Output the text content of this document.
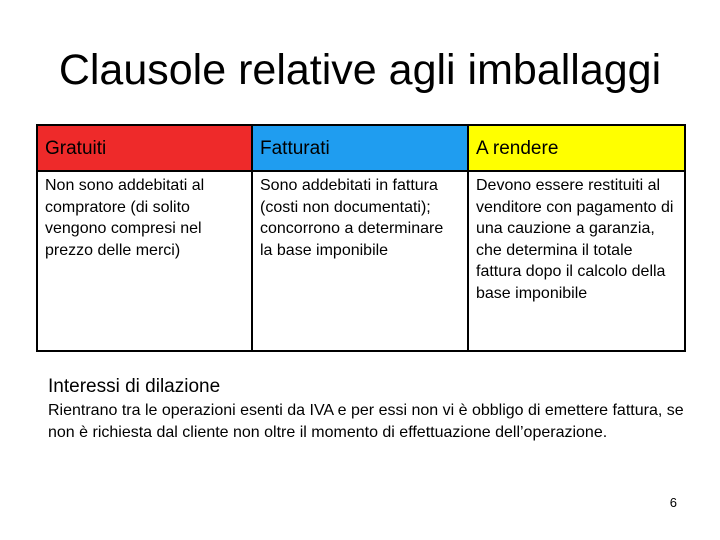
Clausole relative agli imballaggi
Gratuiti	Fatturati	A rendere
Non sono addebitati al compratore (di solito vengono compresi nel prezzo delle merci)
Sono addebitati in fattura (costi non documentati); concorrono a determinare la base imponibile
Devono essere restituiti al venditore con pagamento di una cauzione a garanzia, che determina il totale fattura dopo il calcolo della base imponibile
Interessi di dilazione
Rientrano tra le operazioni esenti da IVA e per essi non vi è obbligo di emettere fattura, se non è richiesta dal cliente non oltre il momento di effettuazione dell’operazione.
6
